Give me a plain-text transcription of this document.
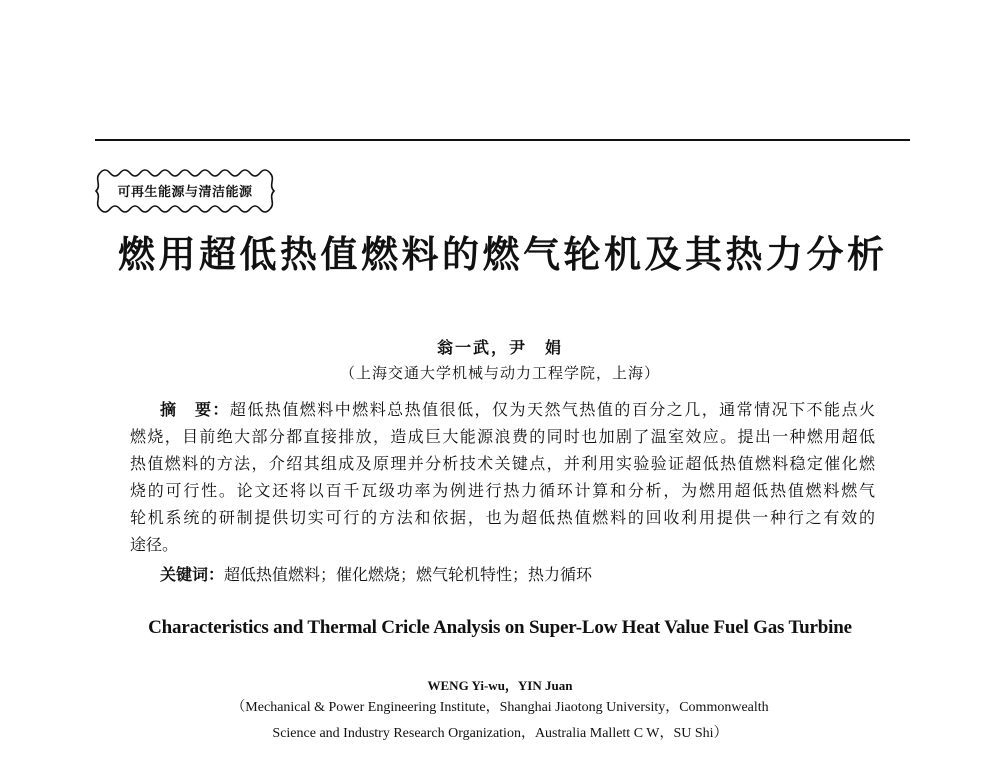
可再生能源与清洁能源
燃用超低热值燃料的燃气轮机及其热力分析
翁一武，尹　娟
（上海交通大学机械与动力工程学院，上海）
摘　要：超低热值燃料中燃料总热值很低，仅为天然气热值的百分之几，通常情况下不能点火
燃烧，目前绝大部分都直接排放，造成巨大能源浪费的同时也加剧了温室效应。提出一种燃用超低
热值燃料的方法，介绍其组成及原理并分析技术关键点，并利用实验验证超低热值燃料稳定催化燃
烧的可行性。论文还将以百千瓦级功率为例进行热力循环计算和分析，为燃用超低热值燃料燃气
轮机系统的研制提供切实可行的方法和依据，也为超低热值燃料的回收利用提供一种行之有效的
途径。
关键词：超低热值燃料；催化燃烧；燃气轮机特性；热力循环
Characteristics and Thermal Cricle Analysis on Super-Low Heat Value Fuel Gas Turbine
WENG Yi-wu，YIN Juan
（Mechanical & Power Engineering Institute，Shanghai Jiaotong University，Commonwealth
Science and Industry Research Organization，Australia Mallett C W，SU Shi）
